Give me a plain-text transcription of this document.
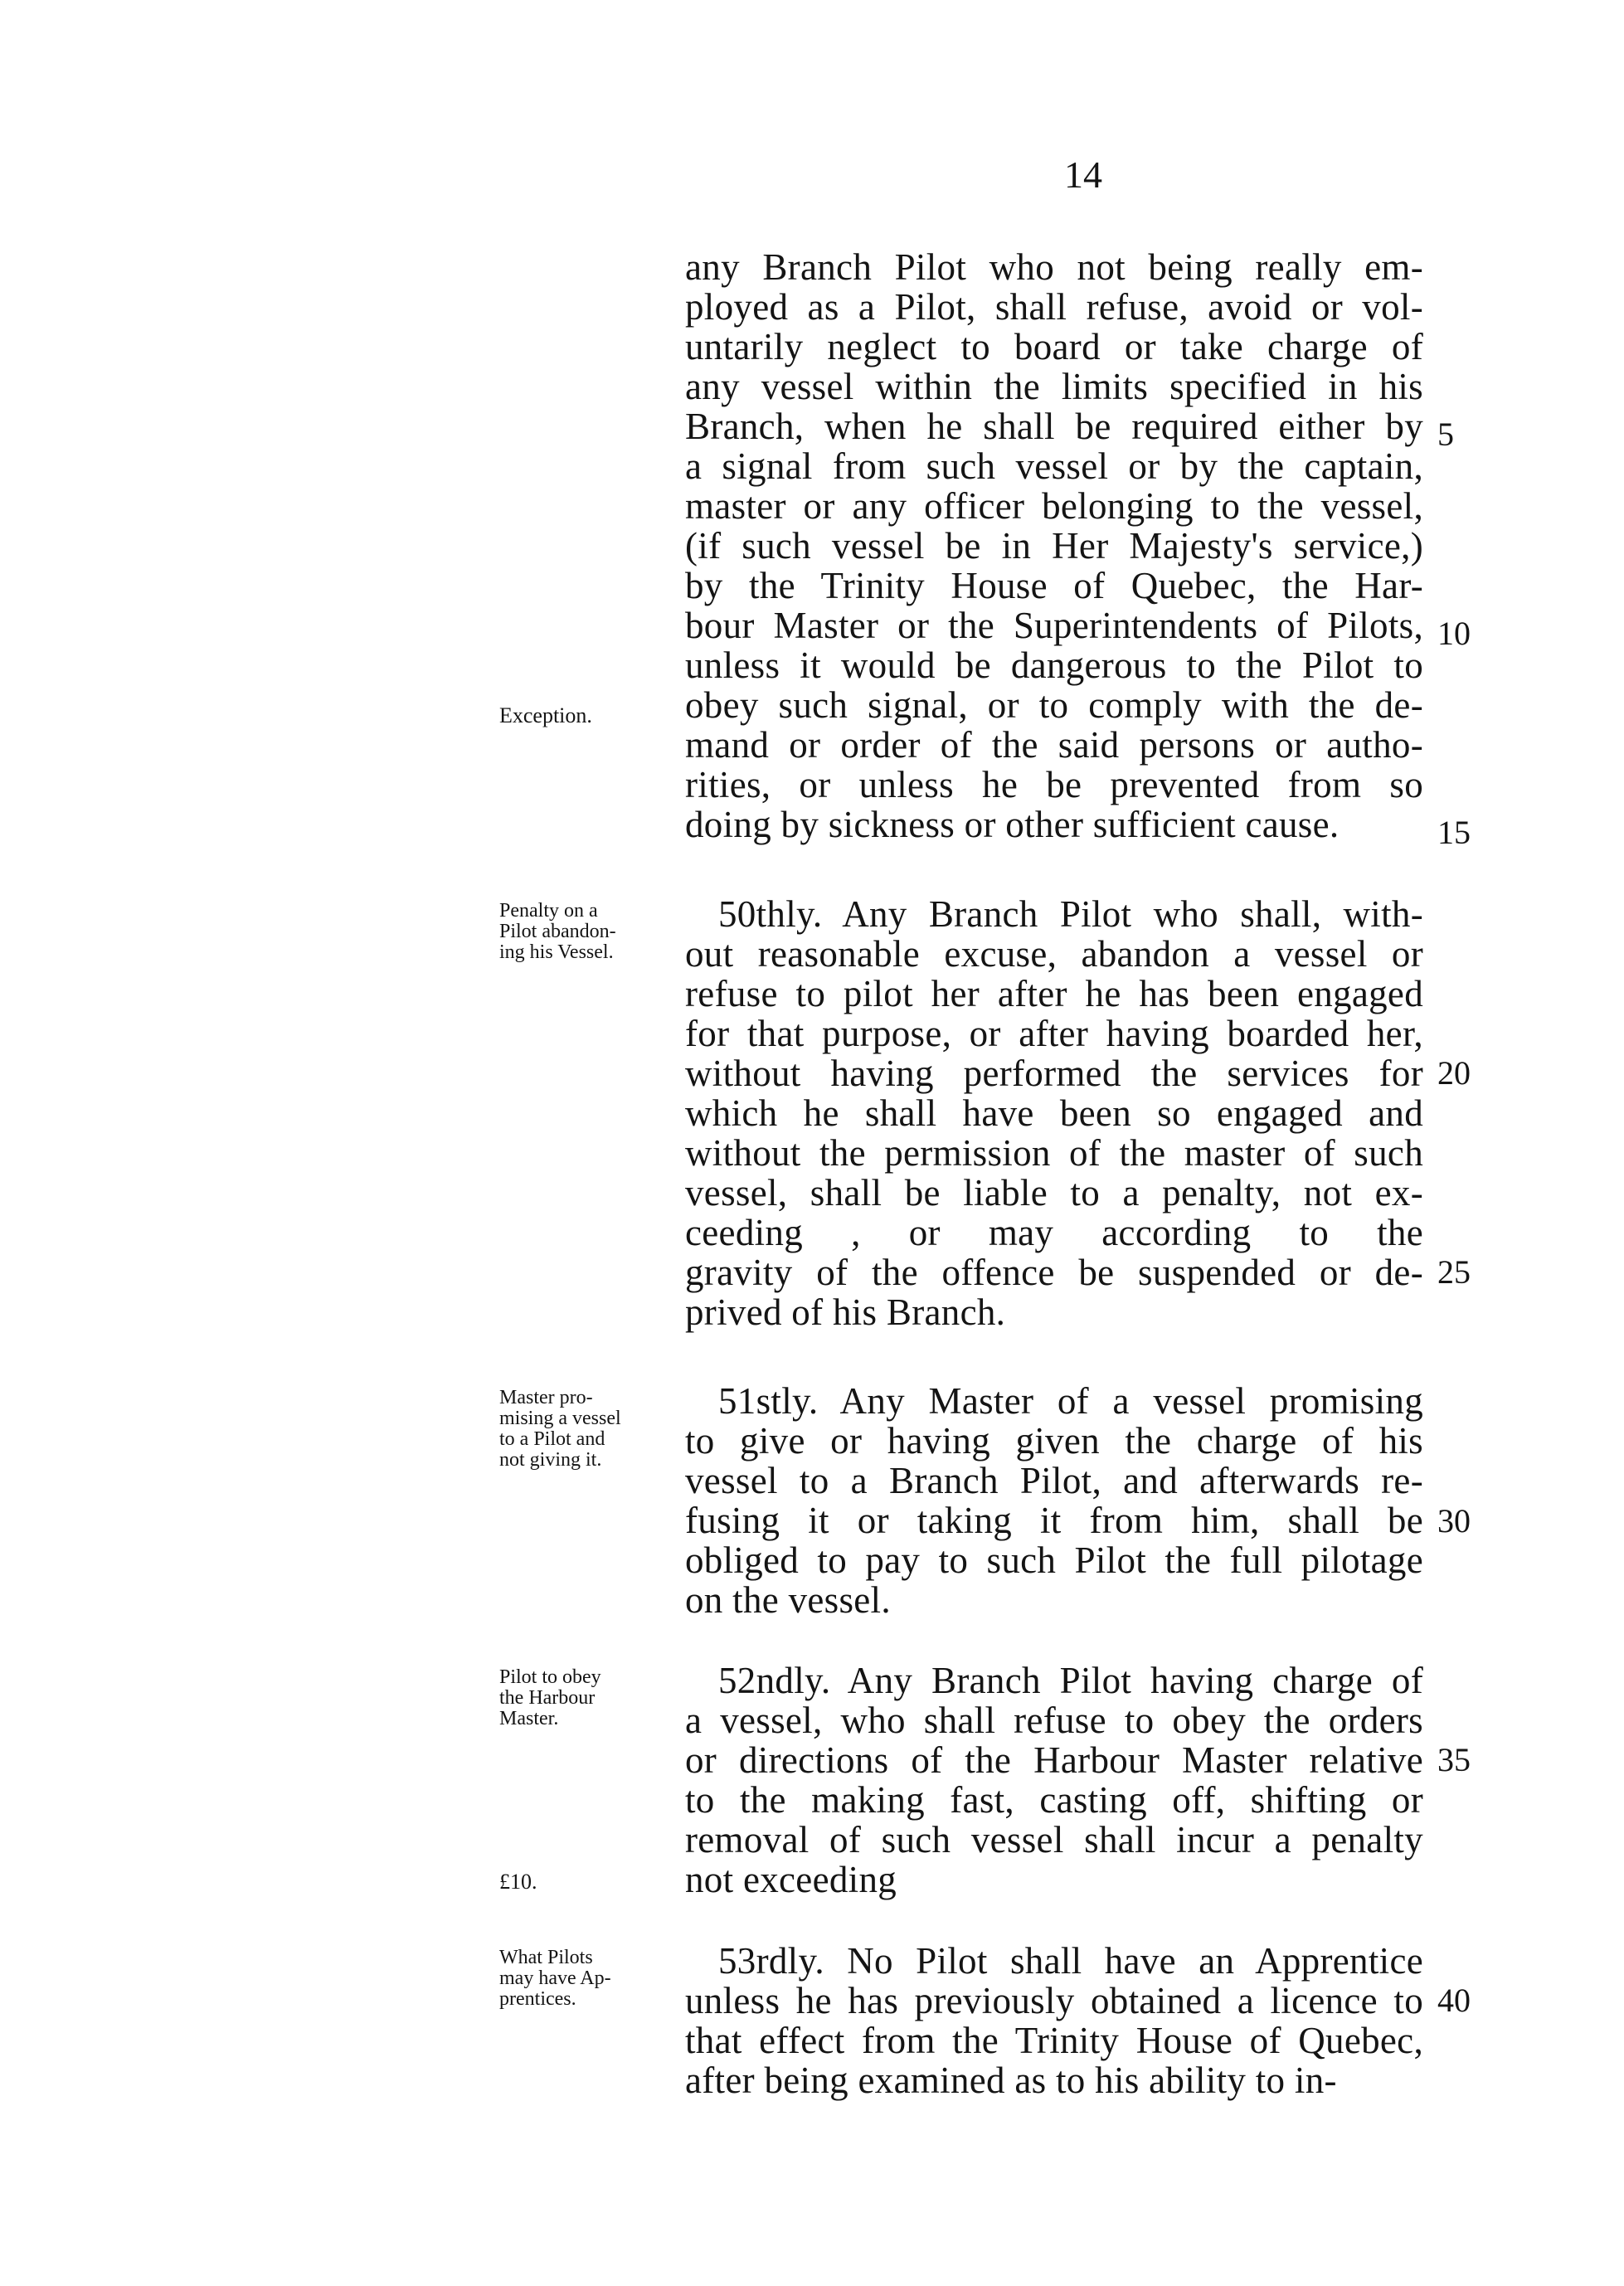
14
any Branch Pilot who not being really em-
ployed as a Pilot, shall refuse, avoid or vol-
untarily neglect to board or take charge of
any vessel within the limits specified in his
Branch, when he shall be required either by
a signal from such vessel or by the captain,
master or any officer belonging to the vessel,
(if such vessel be in Her Majesty's service,)
by the Trinity House of Quebec, the Har-
bour Master or the Superintendents of Pilots,
unless it would be dangerous to the Pilot to
obey such signal, or to comply with the de-
mand or order of the said persons or autho-
rities, or unless he be prevented from so
doing by sickness or other sufficient cause.
50thly. Any Branch Pilot who shall, with-
out reasonable excuse, abandon a vessel or
refuse to pilot her after he has been engaged
for that purpose, or after having boarded her,
without having performed the services for
which he shall have been so engaged and
without the permission of the master of such
vessel, shall be liable to a penalty, not ex-
ceeding , or may according to the
gravity of the offence be suspended or de-
prived of his Branch.
Penalty on a
Pilot abandon-
ing his Vessel.
51stly. Any Master of a vessel promising
to give or having given the charge of his
vessel to a Branch Pilot, and afterwards re-
fusing it or taking it from him, shall be
obliged to pay to such Pilot the full pilotage
on the vessel.
Master pro-
mising a vessel
to a Pilot and
not giving it.
52ndly. Any Branch Pilot having charge of
a vessel, who shall refuse to obey the orders
or directions of the Harbour Master relative
to the making fast, casting off, shifting or
removal of such vessel shall incur a penalty
not exceeding
Pilot to obey
the Harbour
Master.
53rdly. No Pilot shall have an Apprentice
unless he has previously obtained a licence to
that effect from the Trinity House of Quebec,
after being examined as to his ability to in-
What Pilots
may have Ap-
prentices.
5
10
15
20
25
30
35
40
Exception.
£10.
